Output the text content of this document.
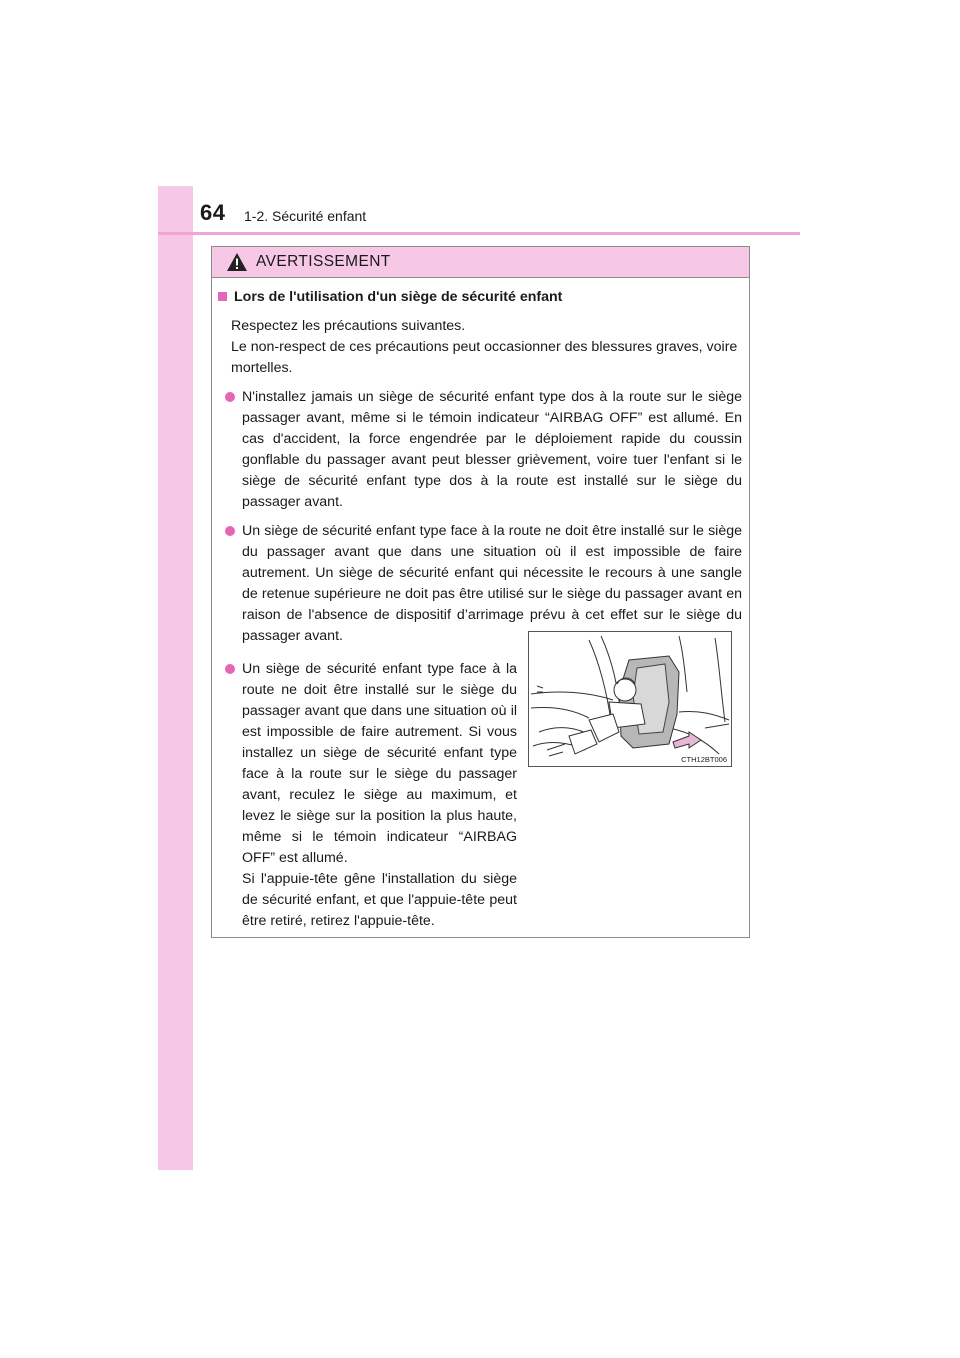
64 1-2. Sécurité enfant
AVERTISSEMENT
Lors de l'utilisation d'un siège de sécurité enfant
Respectez les précautions suivantes.
Le non-respect de ces précautions peut occasionner des blessures graves, voire mortelles.
N'installez jamais un siège de sécurité enfant type dos à la route sur le siège passager avant, même si le témoin indicateur “AIRBAG OFF” est allumé. En cas d'accident, la force engendrée par le déploiement rapide du coussin gonflable du passager avant peut blesser grièvement, voire tuer l'enfant si le siège de sécurité enfant type dos à la route est installé sur le siège du passager avant.
Un siège de sécurité enfant type face à la route ne doit être installé sur le siège du passager avant que dans une situation où il est impossible de faire autrement. Un siège de sécurité enfant qui nécessite le recours à une sangle de retenue supérieure ne doit pas être utilisé sur le siège du passager avant en raison de l'absence de dispositif d’arrimage prévu à cet effet sur le siège du passager avant.
Un siège de sécurité enfant type face à la route ne doit être installé sur le siège du passager avant que dans une situation où il est impossible de faire autrement. Si vous installez un siège de sécurité enfant type face à la route sur le siège du passager avant, reculez le siège au maximum, et levez le siège sur la position la plus haute, même si le témoin indicateur “AIRBAG OFF” est allumé.
Si l'appuie-tête gêne l'installation du siège de sécurité enfant, et que l'appuie-tête peut être retiré, retirez l'appuie-tête.
CTH12BT006
